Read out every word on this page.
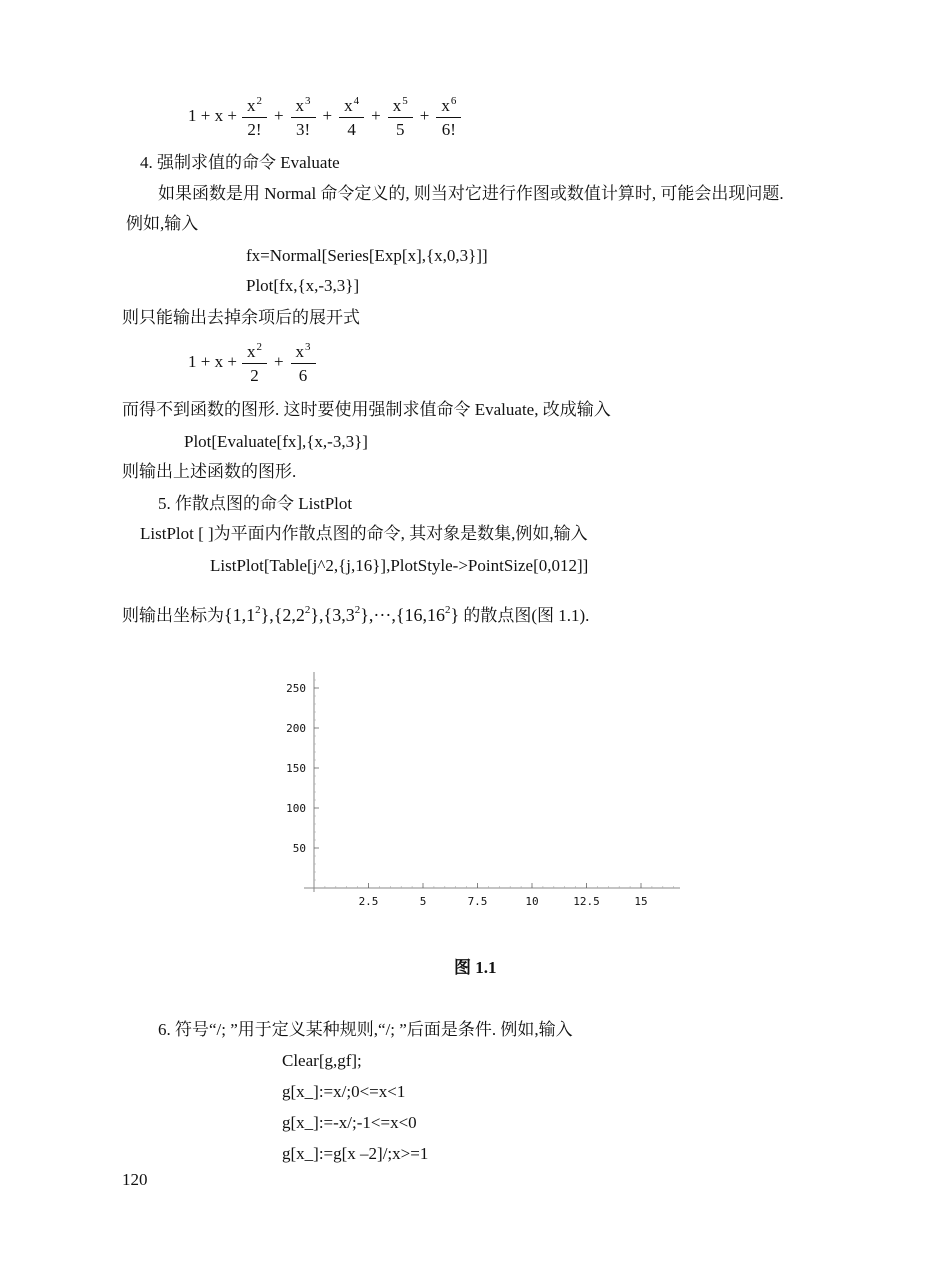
$1 + x + \frac{x^2}{2!} + \frac{x^3}{3!} + \frac{x^4}{4} + \frac{x^5}{5} + \frac{x^6}{6!}$
4. 强制求值的命令 Evaluate
如果函数是用 Normal 命令定义的, 则当对它进行作图或数值计算时, 可能会出现问题.
例如,输入
fx=Normal[Series[Exp[x],{x,0,3}]]
Plot[fx,{x,-3,3}]
则只能输出去掉余项后的展开式
$1 + x + \frac{x^2}{2} + \frac{x^3}{6}$
而得不到函数的图形. 这时要使用强制求值命令 Evaluate, 改成输入
Plot[Evaluate[fx],{x,-3,3}]
则输出上述函数的图形.
5. 作散点图的命令 ListPlot
ListPlot [ ]为平面内作散点图的命令, 其对象是数集,例如,输入
ListPlot[Table[j^2,{j,16}],PlotStyle->PointSize[0,012]]
则输出坐标为$\{1,1^2\},\{2,2^2\},\{3,3^2\},\cdot\cdot\cdot,\{16,16^2\}$ 的散点图(图 1.1).
2.5	5	7.5	10	12.5	15
50
100
150
200
250
图 1.1
6. 符号“/; ”用于定义某种规则,“/; ”后面是条件. 例如,输入
Clear[g,gf];
g[x_]:=x/;0<=x<1
g[x_]:=-x/;-1<=x<0
g[x_]:=g[x –2]/;x>=1
120
